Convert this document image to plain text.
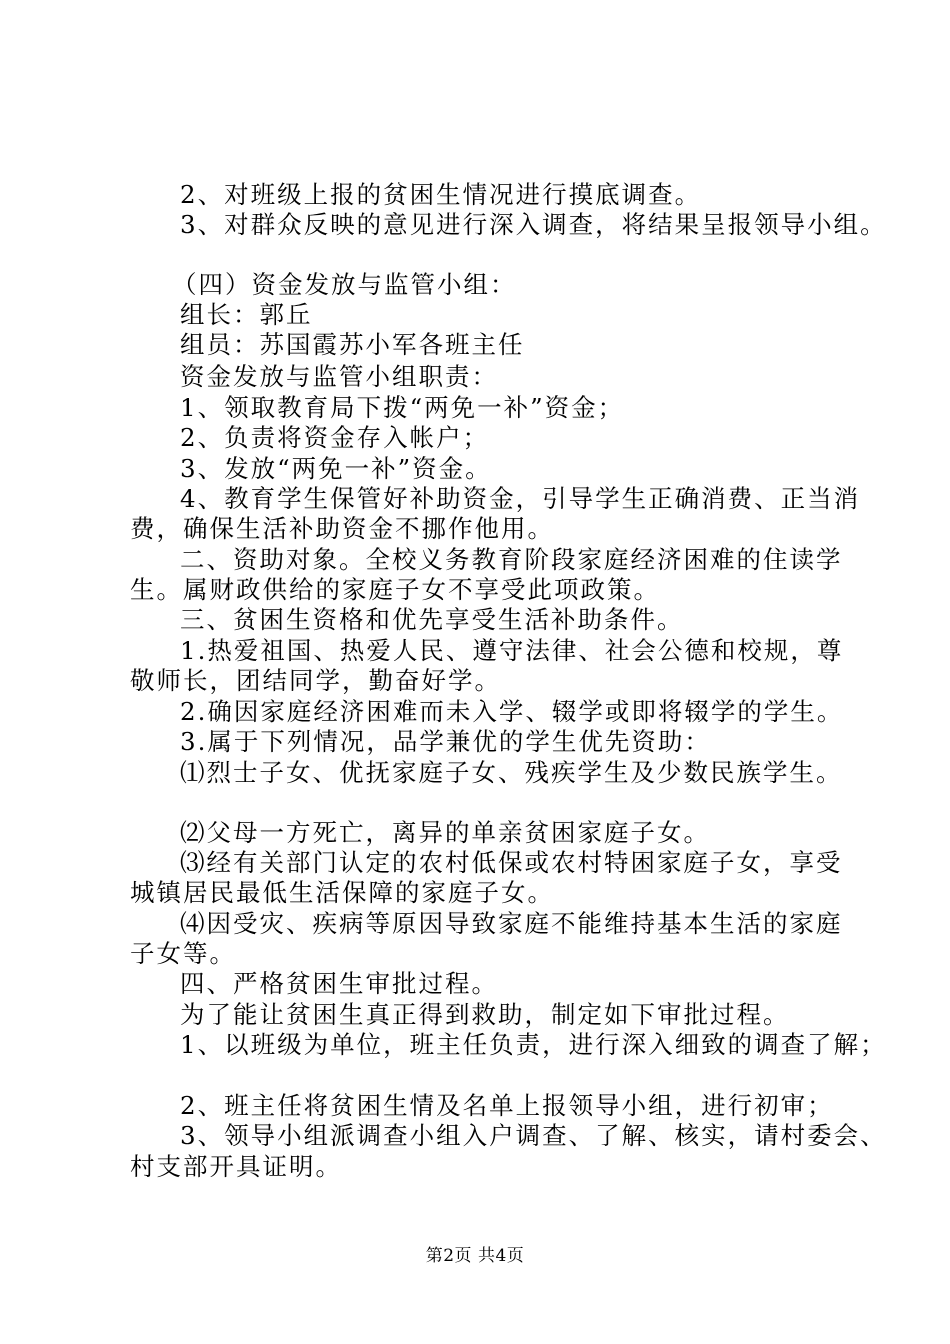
2、对班级上报的贫困生情况进行摸底调查。
3、对群众反映的意见进行深入调查，将结果呈报领导小组。
（四）资金发放与监管小组：
组长：郭丘
组员：苏国霞苏小军各班主任
资金发放与监管小组职责：
1、领取教育局下拨“两免一补”资金；
2、负责将资金存入帐户；
3、发放“两免一补”资金。
4、教育学生保管好补助资金，引导学生正确消费、正当消
费，确保生活补助资金不挪作他用。
二、资助对象。全校义务教育阶段家庭经济困难的住读学
生。属财政供给的家庭子女不享受此项政策。
三、贫困生资格和优先享受生活补助条件。
1.热爱祖国、热爱人民、遵守法律、社会公德和校规，尊
敬师长，团结同学，勤奋好学。
2.确因家庭经济困难而未入学、辍学或即将辍学的学生。
3.属于下列情况，品学兼优的学生优先资助：
⑴烈士子女、优抚家庭子女、残疾学生及少数民族学生。
⑵父母一方死亡，离异的单亲贫困家庭子女。
⑶经有关部门认定的农村低保或农村特困家庭子女，享受
城镇居民最低生活保障的家庭子女。
⑷因受灾、疾病等原因导致家庭不能维持基本生活的家庭
子女等。
四、严格贫困生审批过程。
为了能让贫困生真正得到救助，制定如下审批过程。
1、以班级为单位，班主任负责，进行深入细致的调查了解；
2、班主任将贫困生情及名单上报领导小组，进行初审；
3、领导小组派调查小组入户调查、了解、核实，请村委会、
村支部开具证明。
第2页 共4页
